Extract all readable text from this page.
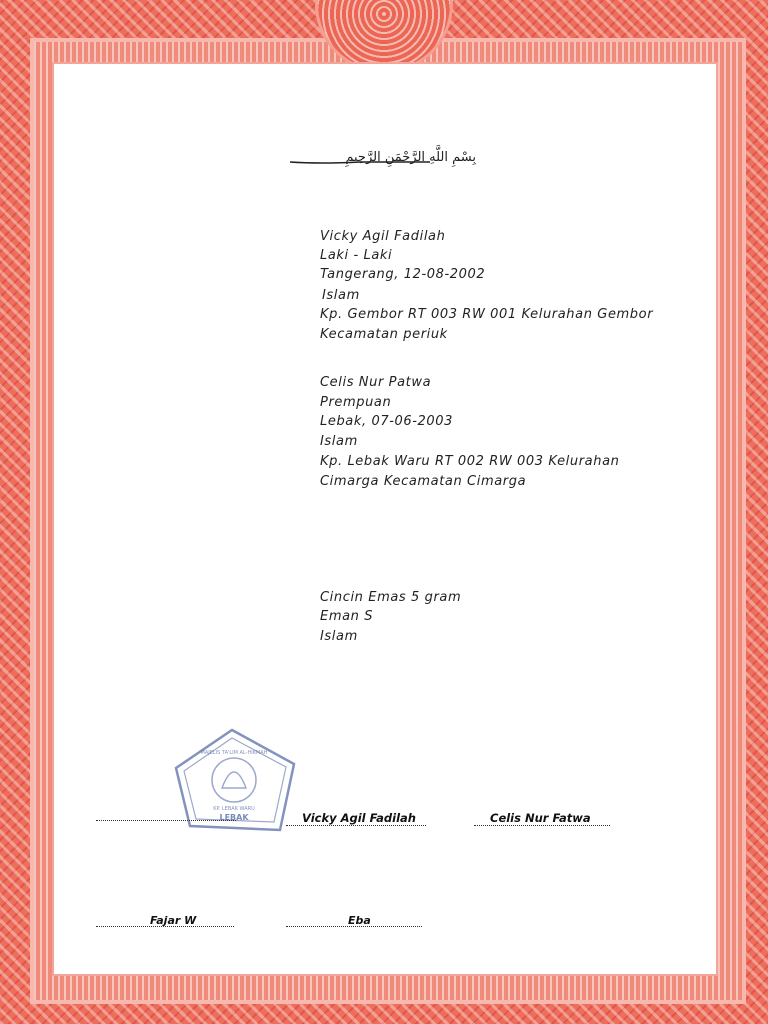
بِسْمِ اللَّهِ الرَّحْمَنِ الرَّحِيمِ

Vicky Agil Fadilah

Laki - Laki

Tangerang, 12-08-2002

Islam

Kp. Gembor RT 003 RW 001 Kelurahan Gembor

Kecamatan periuk

Celis Nur Patwa

Prempuan

Lebak, 07-06-2003

Islam

Kp. Lebak Waru RT 002 RW 003 Kelurahan

Cimarga Kecamatan Cimarga

Cincin Emas 5 gram

Eman S

Islam

MAJELIS TA'LIM AL-HIKMAH
KP. LEBAK WARU
LEBAK	Vicky Agil Fadilah	Celis Nur Fatwa
Fajar W	Eba
